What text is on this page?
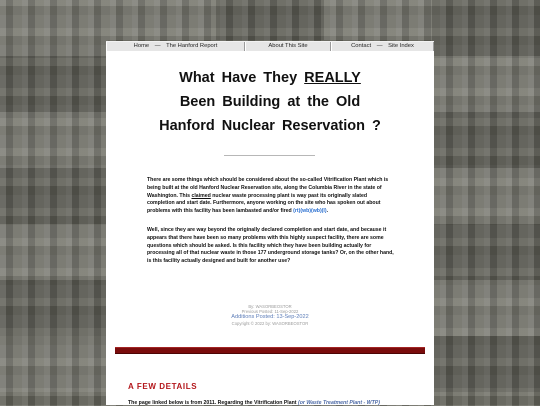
Home — The Hanford Report	About This Site	Contact — Site Index
What Have They REALLY
Been Building at the Old
Hanford Nuclear Reservation ?
There are some things which should be considered about the so-called Vitrification Plant which is being built at the old Hanford Nuclear Reservation site, along the Columbia River in the state of Washington. This claimed nuclear waste processing plant is way past its originally slated completion and start date. Furthermore, anyone working on the site who has spoken out about problems with this facility has been lambasted and/or fired (rt)(wb)(wb)(l).
Well, since they are way beyond the originally declared completion and start date, and because it appears that there have been so many problems with this highly suspect facility, there are some questions which should be asked. Is this facility which they have been building actually for processing all of that nuclear waste in those 177 underground storage tanks? Or, on the other hand, is this facility actually designed and built for another use?
By: WASORBEOSTOR
Previous Posted: 11-Sep-2022
Additions Posted: 13-Sep-2022
Copyright © 2022 by: WASORBEOSTOR
A FEW DETAILS
The page linked below is from 2011. Regarding the Vitrification Plant (or Waste Treatment Plant - WTP)
